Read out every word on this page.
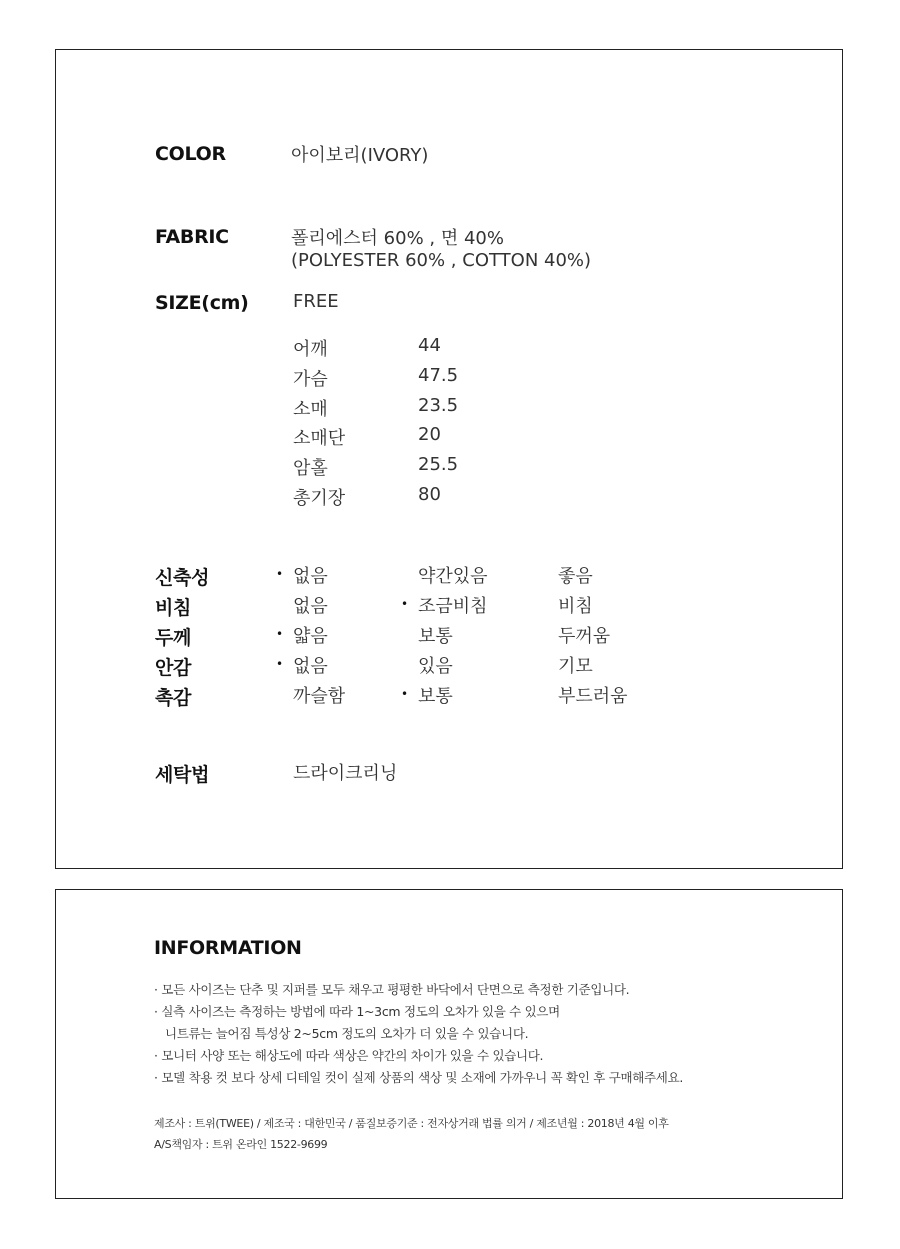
COLOR	아이보리(IVORY)
FABRIC	폴리에스터 60% , 면 40%
(POLYESTER 60% , COTTON 40%)
SIZE(cm) FREE
어깨	44
가슴	47.5
소매	23.5
소매단	20
암홀	25.5
총기장	80
신축성	• 없음	약간있음	좋음
비침	없음	• 조금비침	비침
두께	• 얇음	보통	두꺼움
안감	• 없음	있음	기모
촉감	까슬함	• 보통	부드러움
세탁법	드라이크리닝
INFORMATION
· 모든 사이즈는 단추 및 지퍼를 모두 채우고 평평한 바닥에서 단면으로 측정한 기준입니다.
· 실측 사이즈는 측정하는 방법에 따라 1~3cm 정도의 오차가 있을 수 있으며
니트류는 늘어짐 특성상 2~5cm 정도의 오차가 더 있을 수 있습니다.
· 모니터 사양 또는 해상도에 따라 색상은 약간의 차이가 있을 수 있습니다.
· 모델 착용 컷 보다 상세 디테일 컷이 실제 상품의 색상 및 소재에 가까우니 꼭 확인 후 구매해주세요.
제조사 : 트위(TWEE) / 제조국 : 대한민국 / 품질보증기준 : 전자상거래 법률 의거 / 제조년월 : 2018년 4월 이후
A/S책임자 : 트위 온라인 1522-9699
